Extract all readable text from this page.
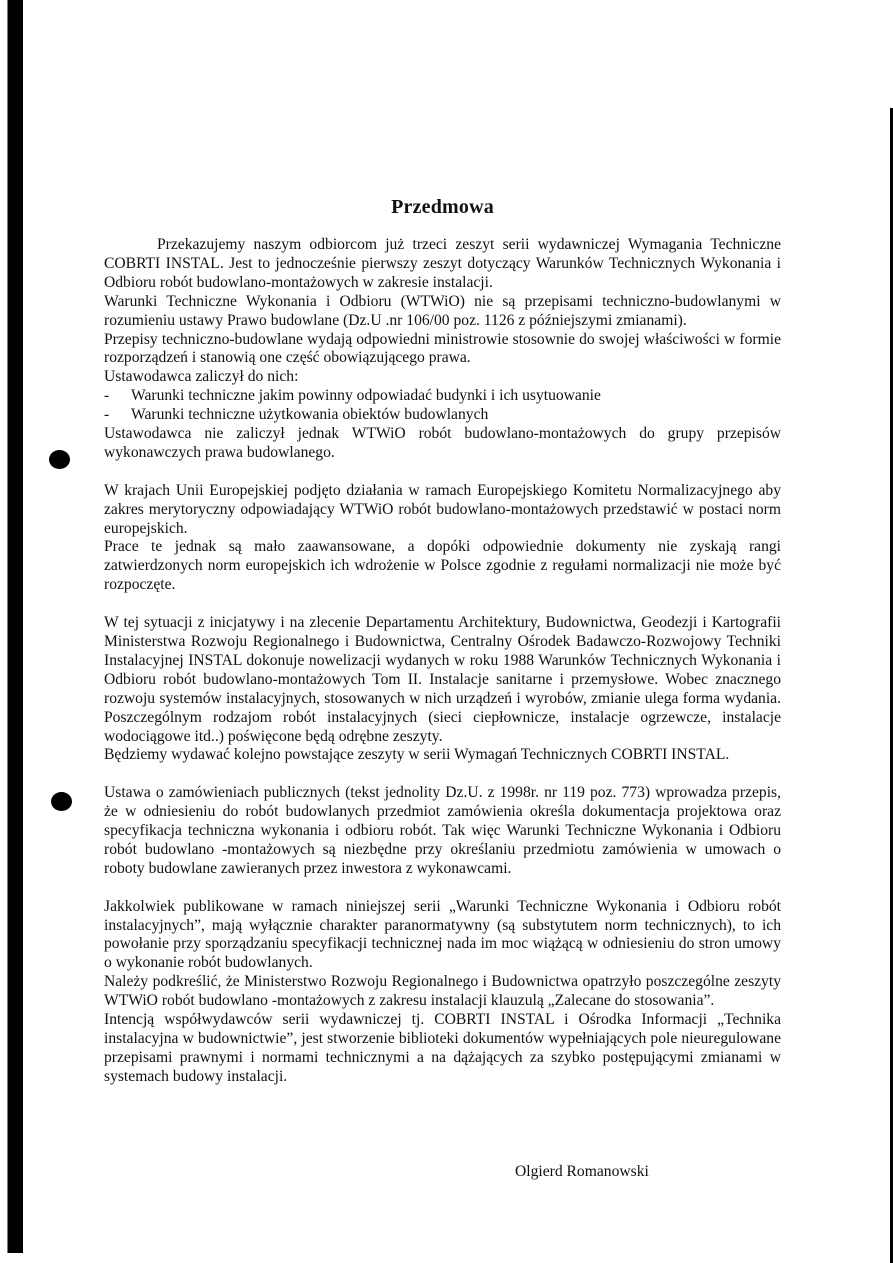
Przedmowa

Przekazujemy naszym odbiorcom już trzeci zeszyt serii wydawniczej Wymagania Techniczne COBRTI INSTAL. Jest to jednocześnie pierwszy zeszyt dotyczący Warunków Technicznych Wykonania i Odbioru robót budowlano-montażowych w zakresie instalacji.

Warunki Techniczne Wykonania i Odbioru (WTWiO) nie są przepisami techniczno-budowlanymi w rozumieniu ustawy Prawo budowlane (Dz.U .nr 106/00 poz. 1126 z późniejszymi zmianami).

Przepisy techniczno-budowlane wydają odpowiedni ministrowie stosownie do swojej właściwości w formie rozporządzeń i stanowią one część obowiązującego prawa.

Ustawodawca zaliczył do nich:

- Warunki techniczne jakim powinny odpowiadać budynki i ich usytuowanie
- Warunki techniczne użytkowania obiektów budowlanych

Ustawodawca nie zaliczył jednak WTWiO robót budowlano-montażowych do grupy przepisów wykonawczych prawa budowlanego.

W krajach Unii Europejskiej podjęto działania w ramach Europejskiego Komitetu Normalizacyjnego aby zakres merytoryczny odpowiadający WTWiO robót budowlano-montażowych przedstawić w postaci norm europejskich.

Prace te jednak są mało zaawansowane, a dopóki odpowiednie dokumenty nie zyskają rangi zatwierdzonych norm europejskich ich wdrożenie w Polsce zgodnie z regułami normalizacji nie może być rozpoczęte.

W tej sytuacji z inicjatywy i na zlecenie Departamentu Architektury, Budownictwa, Geodezji i Kartografii Ministerstwa Rozwoju Regionalnego i Budownictwa, Centralny Ośrodek Badawczo-Rozwojowy Techniki Instalacyjnej INSTAL dokonuje nowelizacji wydanych w roku 1988 Warunków Technicznych Wykonania i Odbioru robót budowlano-montażowych Tom II. Instalacje sanitarne i przemysłowe. Wobec znacznego rozwoju systemów instalacyjnych, stosowanych w nich urządzeń i wyrobów, zmianie ulega forma wydania. Poszczególnym rodzajom robót instalacyjnych (sieci ciepłownicze, instalacje ogrzewcze, instalacje wodociągowe itd..) poświęcone będą odrębne zeszyty.

Będziemy wydawać kolejno powstające zeszyty w serii Wymagań Technicznych COBRTI INSTAL.

Ustawa o zamówieniach publicznych (tekst jednolity Dz.U. z 1998r. nr 119 poz. 773) wprowadza przepis, że w odniesieniu do robót budowlanych przedmiot zamówienia określa dokumentacja projektowa oraz specyfikacja techniczna wykonania i odbioru robót. Tak więc Warunki Techniczne Wykonania i Odbioru robót budowlano -montażowych są niezbędne przy określaniu przedmiotu zamówienia w umowach o roboty budowlane zawieranych przez inwestora z wykonawcami.

Jakkolwiek publikowane w ramach niniejszej serii „Warunki Techniczne Wykonania i Odbioru robót instalacyjnych”, mają wyłącznie charakter paranormatywny (są substytutem norm technicznych), to ich powołanie przy sporządzaniu specyfikacji technicznej nada im moc wiążącą w odniesieniu do stron umowy o wykonanie robót budowlanych.

Należy podkreślić, że Ministerstwo Rozwoju Regionalnego i Budownictwa opatrzyło poszczególne zeszyty WTWiO robót budowlano -montażowych z zakresu instalacji klauzulą „Zalecane do stosowania”.

Intencją współwydawców serii wydawniczej tj. COBRTI INSTAL i Ośrodka Informacji „Technika instalacyjna w budownictwie”, jest stworzenie biblioteki dokumentów wypełniających pole nieuregulowane przepisami prawnymi i normami technicznymi a na dążających za szybko postępującymi zmianami w systemach budowy instalacji.

Olgierd Romanowski
